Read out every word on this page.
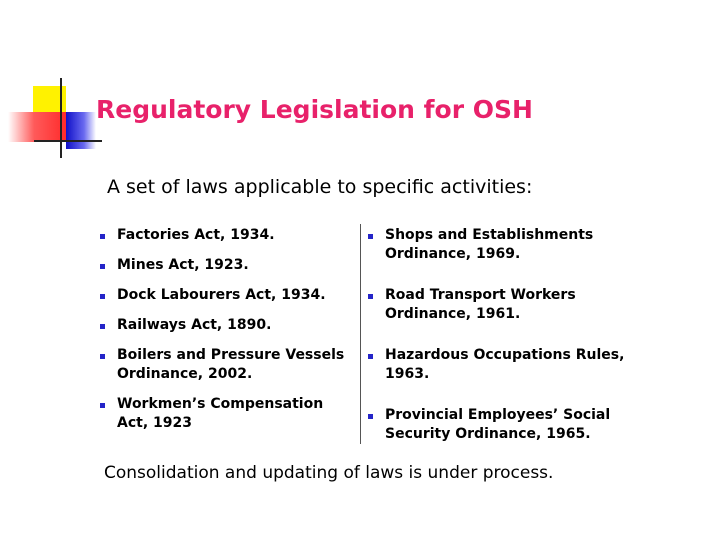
Regulatory Legislation for OSH

A set of laws applicable to specific activities:

Factories Act, 1934.
Mines Act, 1923.
Dock Labourers Act, 1934.
Railways Act, 1890.
Boilers and Pressure Vessels Ordinance, 2002.
Workmen’s Compensation Act, 1923
Shops and Establishments Ordinance, 1969.
Road Transport Workers Ordinance, 1961.
Hazardous Occupations Rules, 1963.
Provincial Employees’ Social Security Ordinance, 1965.

Consolidation and updating of laws is under process.
